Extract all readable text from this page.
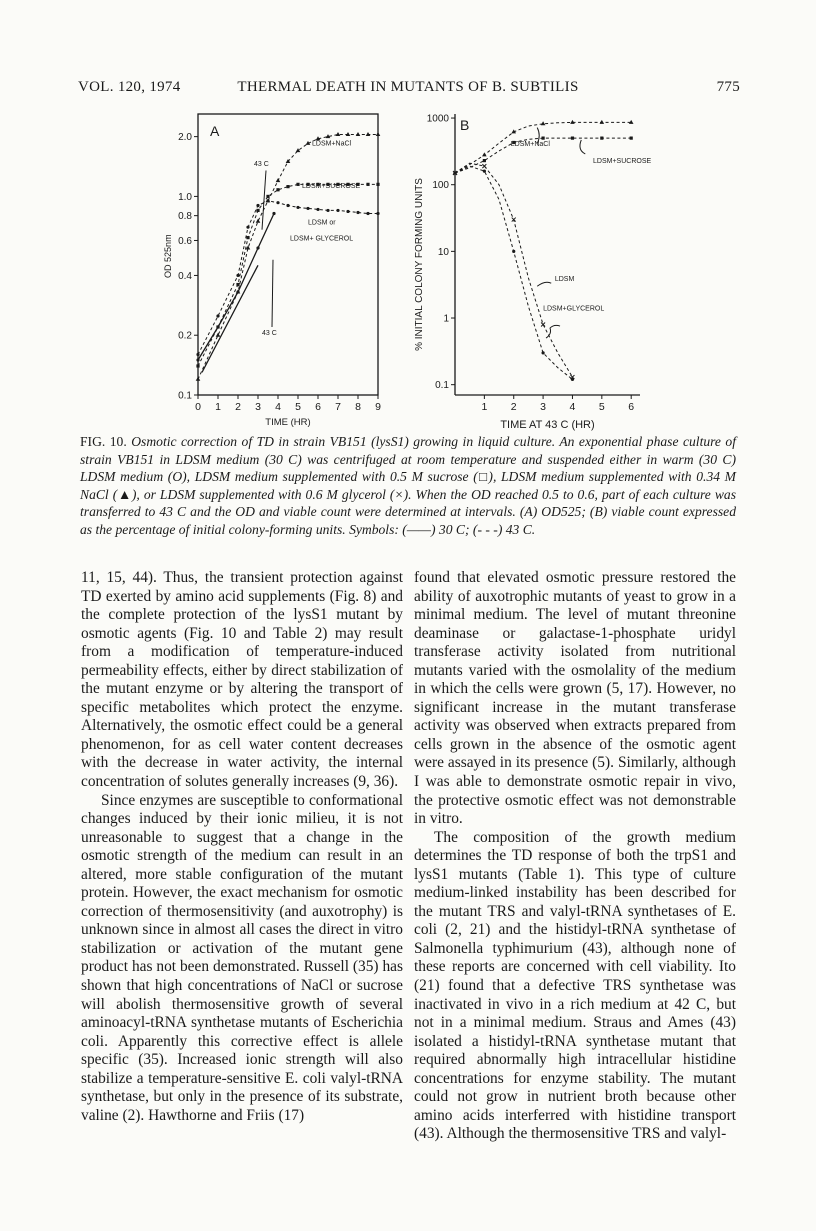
VOL. 120, 1974	THERMAL DEATH IN MUTANTS OF B. SUBTILIS	775
A
0.1
0.2
0.4
0.6
0.8
1.0
2.0
0 1 2 3 4 5 6 7 8 9
TIME (HR)
OD 525nm
LDSM+NaCl
LDSM+SUCROSE
LDSM or
LDSM+ GLYCEROL
43 C
43 C
B
1000
100
10
1
0.1
1 2 3 4 5 6
TIME AT 43 C (HR)
% INITIAL COLONY FORMING UNITS
LDSM+NaCl
LDSM+SUCROSE
LDSM
LDSM+GLYCEROL
FIG. 10. Osmotic correction of TD in strain VB151 (lysS1) growing in liquid culture. An exponential phase culture of strain VB151 in LDSM medium (30 C) was centrifuged at room temperature and suspended either in warm (30 C) LDSM medium (O), LDSM medium supplemented with 0.5 M sucrose (□), LDSM medium supplemented with 0.34 M NaCl (▲), or LDSM supplemented with 0.6 M glycerol (×). When the OD reached 0.5 to 0.6, part of each culture was transferred to 43 C and the OD and viable count were determined at intervals. (A) OD525; (B) viable count expressed as the percentage of initial colony-forming units. Symbols: (——) 30 C; (- - -) 43 C.

11, 15, 44). Thus, the transient protection against TD exerted by amino acid supplements (Fig. 8) and the complete protection of the lysS1 mutant by osmotic agents (Fig. 10 and Table 2) may result from a modification of temperature-induced permeability effects, either by direct stabilization of the mutant enzyme or by altering the transport of specific metabolites which protect the enzyme. Alternatively, the osmotic effect could be a general phenomenon, for as cell water content decreases with the decrease in water activity, the internal concentration of solutes generally increases (9, 36).

Since enzymes are susceptible to conformational changes induced by their ionic milieu, it is not unreasonable to suggest that a change in the osmotic strength of the medium can result in an altered, more stable configuration of the mutant protein. However, the exact mechanism for osmotic correction of thermosensitivity (and auxotrophy) is unknown since in almost all cases the direct in vitro stabilization or activation of the mutant gene product has not been demonstrated. Russell (35) has shown that high concentrations of NaCl or sucrose will abolish thermosensitive growth of several aminoacyl-tRNA synthetase mutants of Escherichia coli. Apparently this corrective effect is allele specific (35). Increased ionic strength will also stabilize a temperature-sensitive E. coli valyl-tRNA synthetase, but only in the presence of its substrate, valine (2). Hawthorne and Friis (17)

found that elevated osmotic pressure restored the ability of auxotrophic mutants of yeast to grow in a minimal medium. The level of mutant threonine deaminase or galactase-1-phosphate uridyl transferase activity isolated from nutritional mutants varied with the osmolality of the medium in which the cells were grown (5, 17). However, no significant increase in the mutant transferase activity was observed when extracts prepared from cells grown in the absence of the osmotic agent were assayed in its presence (5). Similarly, although I was able to demonstrate osmotic repair in vivo, the protective osmotic effect was not demonstrable in vitro.

The composition of the growth medium determines the TD response of both the trpS1 and lysS1 mutants (Table 1). This type of culture medium-linked instability has been described for the mutant TRS and valyl-tRNA synthetases of E. coli (2, 21) and the histidyl-tRNA synthetase of Salmonella typhimurium (43), although none of these reports are concerned with cell viability. Ito (21) found that a defective TRS synthetase was inactivated in vivo in a rich medium at 42 C, but not in a minimal medium. Straus and Ames (43) isolated a histidyl-tRNA synthetase mutant that required abnormally high intracellular histidine concentrations for enzyme stability. The mutant could not grow in nutrient broth because other amino acids interferred with histidine transport (43). Although the thermosensitive TRS and valyl-
